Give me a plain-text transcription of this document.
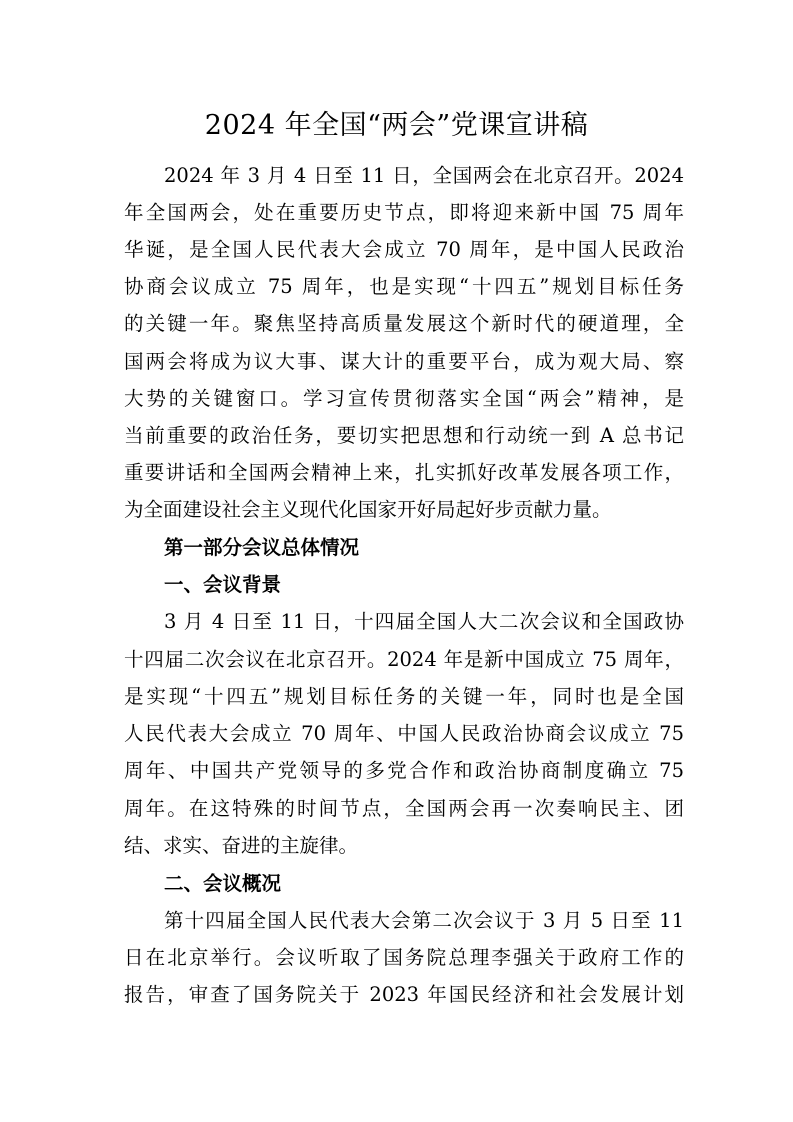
2024 年全国“两会”党课宣讲稿
2024 年 3 月 4 日至 11 日，全国两会在北京召开。2024
年全国两会，处在重要历史节点，即将迎来新中国 75 周年
华诞，是全国人民代表大会成立 70 周年，是中国人民政治
协商会议成立 75 周年，也是实现“十四五”规划目标任务
的关键一年。聚焦坚持高质量发展这个新时代的硬道理，全
国两会将成为议大事、谋大计的重要平台，成为观大局、察
大势的关键窗口。学习宣传贯彻落实全国“两会”精神，是
当前重要的政治任务，要切实把思想和行动统一到 A 总书记
重要讲话和全国两会精神上来，扎实抓好改革发展各项工作，
为全面建设社会主义现代化国家开好局起好步贡献力量。
第一部分会议总体情况
一、会议背景
3 月 4 日至 11 日，十四届全国人大二次会议和全国政协
十四届二次会议在北京召开。2024 年是新中国成立 75 周年，
是实现“十四五”规划目标任务的关键一年，同时也是全国
人民代表大会成立 70 周年、中国人民政治协商会议成立 75
周年、中国共产党领导的多党合作和政治协商制度确立 75
周年。在这特殊的时间节点，全国两会再一次奏响民主、团
结、求实、奋进的主旋律。
二、会议概况
第十四届全国人民代表大会第二次会议于 3 月 5 日至 11
日在北京举行。会议听取了国务院总理李强关于政府工作的
报告，审查了国务院关于 2023 年国民经济和社会发展计划
